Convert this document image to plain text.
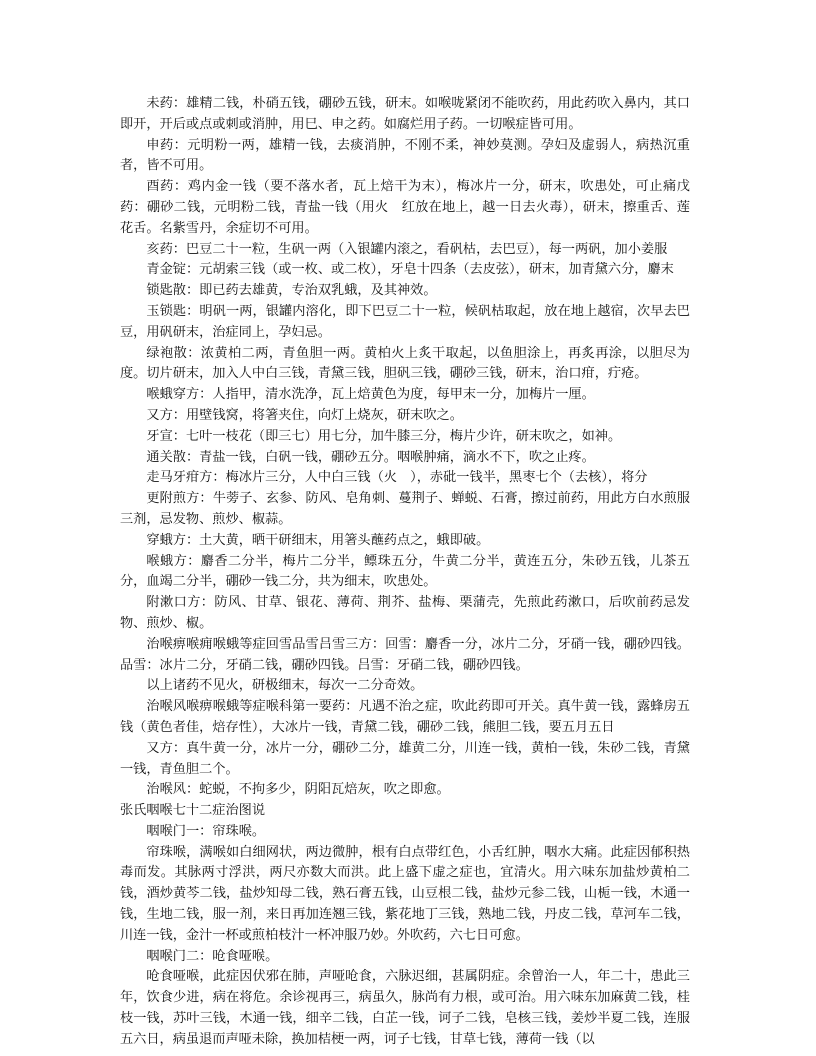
未药：雄精二钱，朴硝五钱，硼砂五钱，研末。如喉咙紧闭不能吹药，用此药吹入鼻内，其口即开，开后或点或刺或消肿，用巳、申之药。如腐烂用子药。一切喉症皆可用。

申药：元明粉一两，雄精一钱，去痰消肿，不刚不柔，神妙莫测。孕妇及虚弱人，病热沉重者，皆不可用。

酉药：鸡内金一钱（要不落水者，瓦上焙干为末），梅冰片一分，研末，吹患处，可止痛戊药：硼砂二钱，元明粉二钱，青盐一钱（用火　红放在地上，越一日去火毒），研末，擦重舌、莲花舌。名紫雪丹，余症切不可用。

亥药：巴豆二十一粒，生矾一两（入银罐内滚之，看矾枯，去巴豆），每一两矾，加小姜服

青金锭：元胡索三钱（或一枚、或二枚），牙皂十四条（去皮弦），研末，加青黛六分，麝末

锁匙散：即已药去雄黄，专治双乳蛾，及其神效。

玉锁匙：明矾一两，银罐内溶化，即下巴豆二十一粒，候矾枯取起，放在地上越宿，次早去巴豆，用矾研末，治症同上，孕妇忌。

绿袍散：浓黄柏二两，青鱼胆一两。黄柏火上炙干取起，以鱼胆涂上，再炙再涂，以胆尽为度。切片研末，加入人中白三钱，青黛三钱，胆矾三钱，硼砂三钱，研末，治口疳，疔疮。

喉蛾穿方：人指甲，清水洗净，瓦上焙黄色为度，每甲末一分，加梅片一厘。

又方：用壁钱窝，将箸夹住，向灯上烧灰，研末吹之。

牙宣：七叶一枝花（即三七）用七分，加牛膝三分，梅片少许，研末吹之，如神。

通关散：青盐一钱，白矾一钱，硼砂五分。咽喉肿痛，滴水不下，吹之止疼。

走马牙疳方：梅冰片三分，人中白三钱（火　），赤砒一钱半，黑枣七个（去核），将分

更附煎方：牛蒡子、玄参、防风、皂角刺、蔓荆子、蝉蜕、石膏，擦过前药，用此方白水煎服三剂，忌发物、煎炒、椒蒜。

穿蛾方：土大黄，晒干研细末，用箸头蘸药点之，蛾即破。

喉蛾方：麝香二分半，梅片二分半，鳔珠五分，牛黄二分半，黄连五分，朱砂五钱，儿茶五分，血竭二分半，硼砂一钱二分，共为细末，吹患处。

附漱口方：防风、甘草、银花、薄荷、荆芥、盐梅、栗蒲壳，先煎此药漱口，后吹前药忌发物、煎炒、椒。

治喉痹喉痈喉蛾等症回雪品雪吕雪三方：回雪：麝香一分，冰片二分，牙硝一钱，硼砂四钱。品雪：冰片二分，牙硝二钱，硼砂四钱。吕雪：牙硝二钱，硼砂四钱。

以上诸药不见火，研极细末，每次一二分奇效。

治喉风喉痹喉蛾等症喉科第一要药：凡遇不治之症，吹此药即可开关。真牛黄一钱，露蜂房五钱（黄色者佳，焙存性），大冰片一钱，青黛二钱，硼砂二钱，熊胆二钱，要五月五日

又方：真牛黄一分，冰片一分，硼砂二分，雄黄二分，川连一钱，黄柏一钱，朱砂二钱，青黛一钱，青鱼胆二个。

治喉风：蛇蜕，不拘多少，阴阳瓦焙灰，吹之即愈。

张氏咽喉七十二症治图说

咽喉门一：帘珠喉。

帘珠喉，满喉如白细网状，两边微肿，根有白点带红色，小舌红肿，咽水大痛。此症因郁积热毒而发。其脉两寸浮洪，两尺亦数大而洪。此上盛下虚之症也，宜清火。用六味东加盐炒黄柏二钱，酒炒黄芩二钱，盐炒知母二钱，熟石膏五钱，山豆根二钱，盐炒元参二钱，山栀一钱，木通一钱，生地二钱，服一剂，来日再加连翘三钱，紫花地丁三钱，熟地二钱，丹皮二钱，草河车二钱，川连一钱，金汁一杯或煎柏枝汁一杯冲服乃妙。外吹药，六七日可愈。

咽喉门二：呛食哑喉。

呛食哑喉，此症因伏邪在肺，声哑呛食，六脉迟细，甚属阴症。余曾治一人，年二十，患此三年，饮食少进，病在将危。余诊视再三，病虽久，脉尚有力根，或可治。用六味东加麻黄二钱，桂枝一钱，苏叶三钱，木通一钱，细辛二钱，白芷一钱，诃子二钱，皂核三钱，姜炒半夏二钱，连服五六日，病虽退而声哑未除，换加桔梗一两，诃子七钱，甘草七钱，薄荷一钱（以
